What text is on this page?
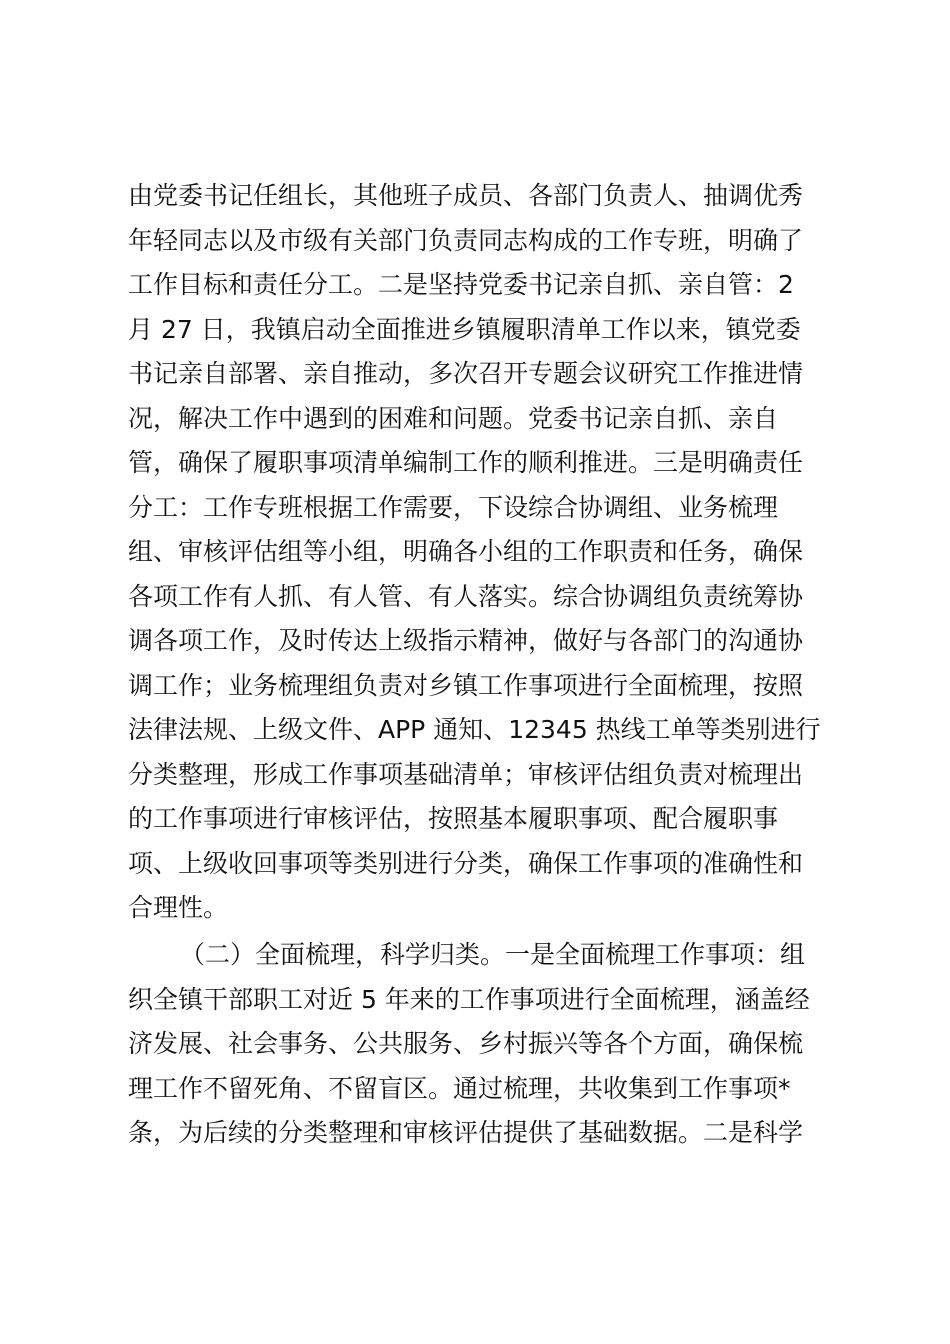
由党委书记任组长，其他班子成员、各部门负责人、抽调优秀
年轻同志以及市级有关部门负责同志构成的工作专班，明确了
工作目标和责任分工。二是坚持党委书记亲自抓、亲自管：2
月 27 日，我镇启动全面推进乡镇履职清单工作以来，镇党委
书记亲自部署、亲自推动，多次召开专题会议研究工作推进情
况，解决工作中遇到的困难和问题。党委书记亲自抓、亲自
管，确保了履职事项清单编制工作的顺利推进。三是明确责任
分工：工作专班根据工作需要，下设综合协调组、业务梳理
组、审核评估组等小组，明确各小组的工作职责和任务，确保
各项工作有人抓、有人管、有人落实。综合协调组负责统筹协
调各项工作，及时传达上级指示精神，做好与各部门的沟通协
调工作；业务梳理组负责对乡镇工作事项进行全面梳理，按照
法律法规、上级文件、APP 通知、12345 热线工单等类别进行
分类整理，形成工作事项基础清单；审核评估组负责对梳理出
的工作事项进行审核评估，按照基本履职事项、配合履职事
项、上级收回事项等类别进行分类，确保工作事项的准确性和
合理性。
（二）全面梳理，科学归类。一是全面梳理工作事项：组
织全镇干部职工对近 5 年来的工作事项进行全面梳理，涵盖经
济发展、社会事务、公共服务、乡村振兴等各个方面，确保梳
理工作不留死角、不留盲区。通过梳理，共收集到工作事项*
条，为后续的分类整理和审核评估提供了基础数据。二是科学
